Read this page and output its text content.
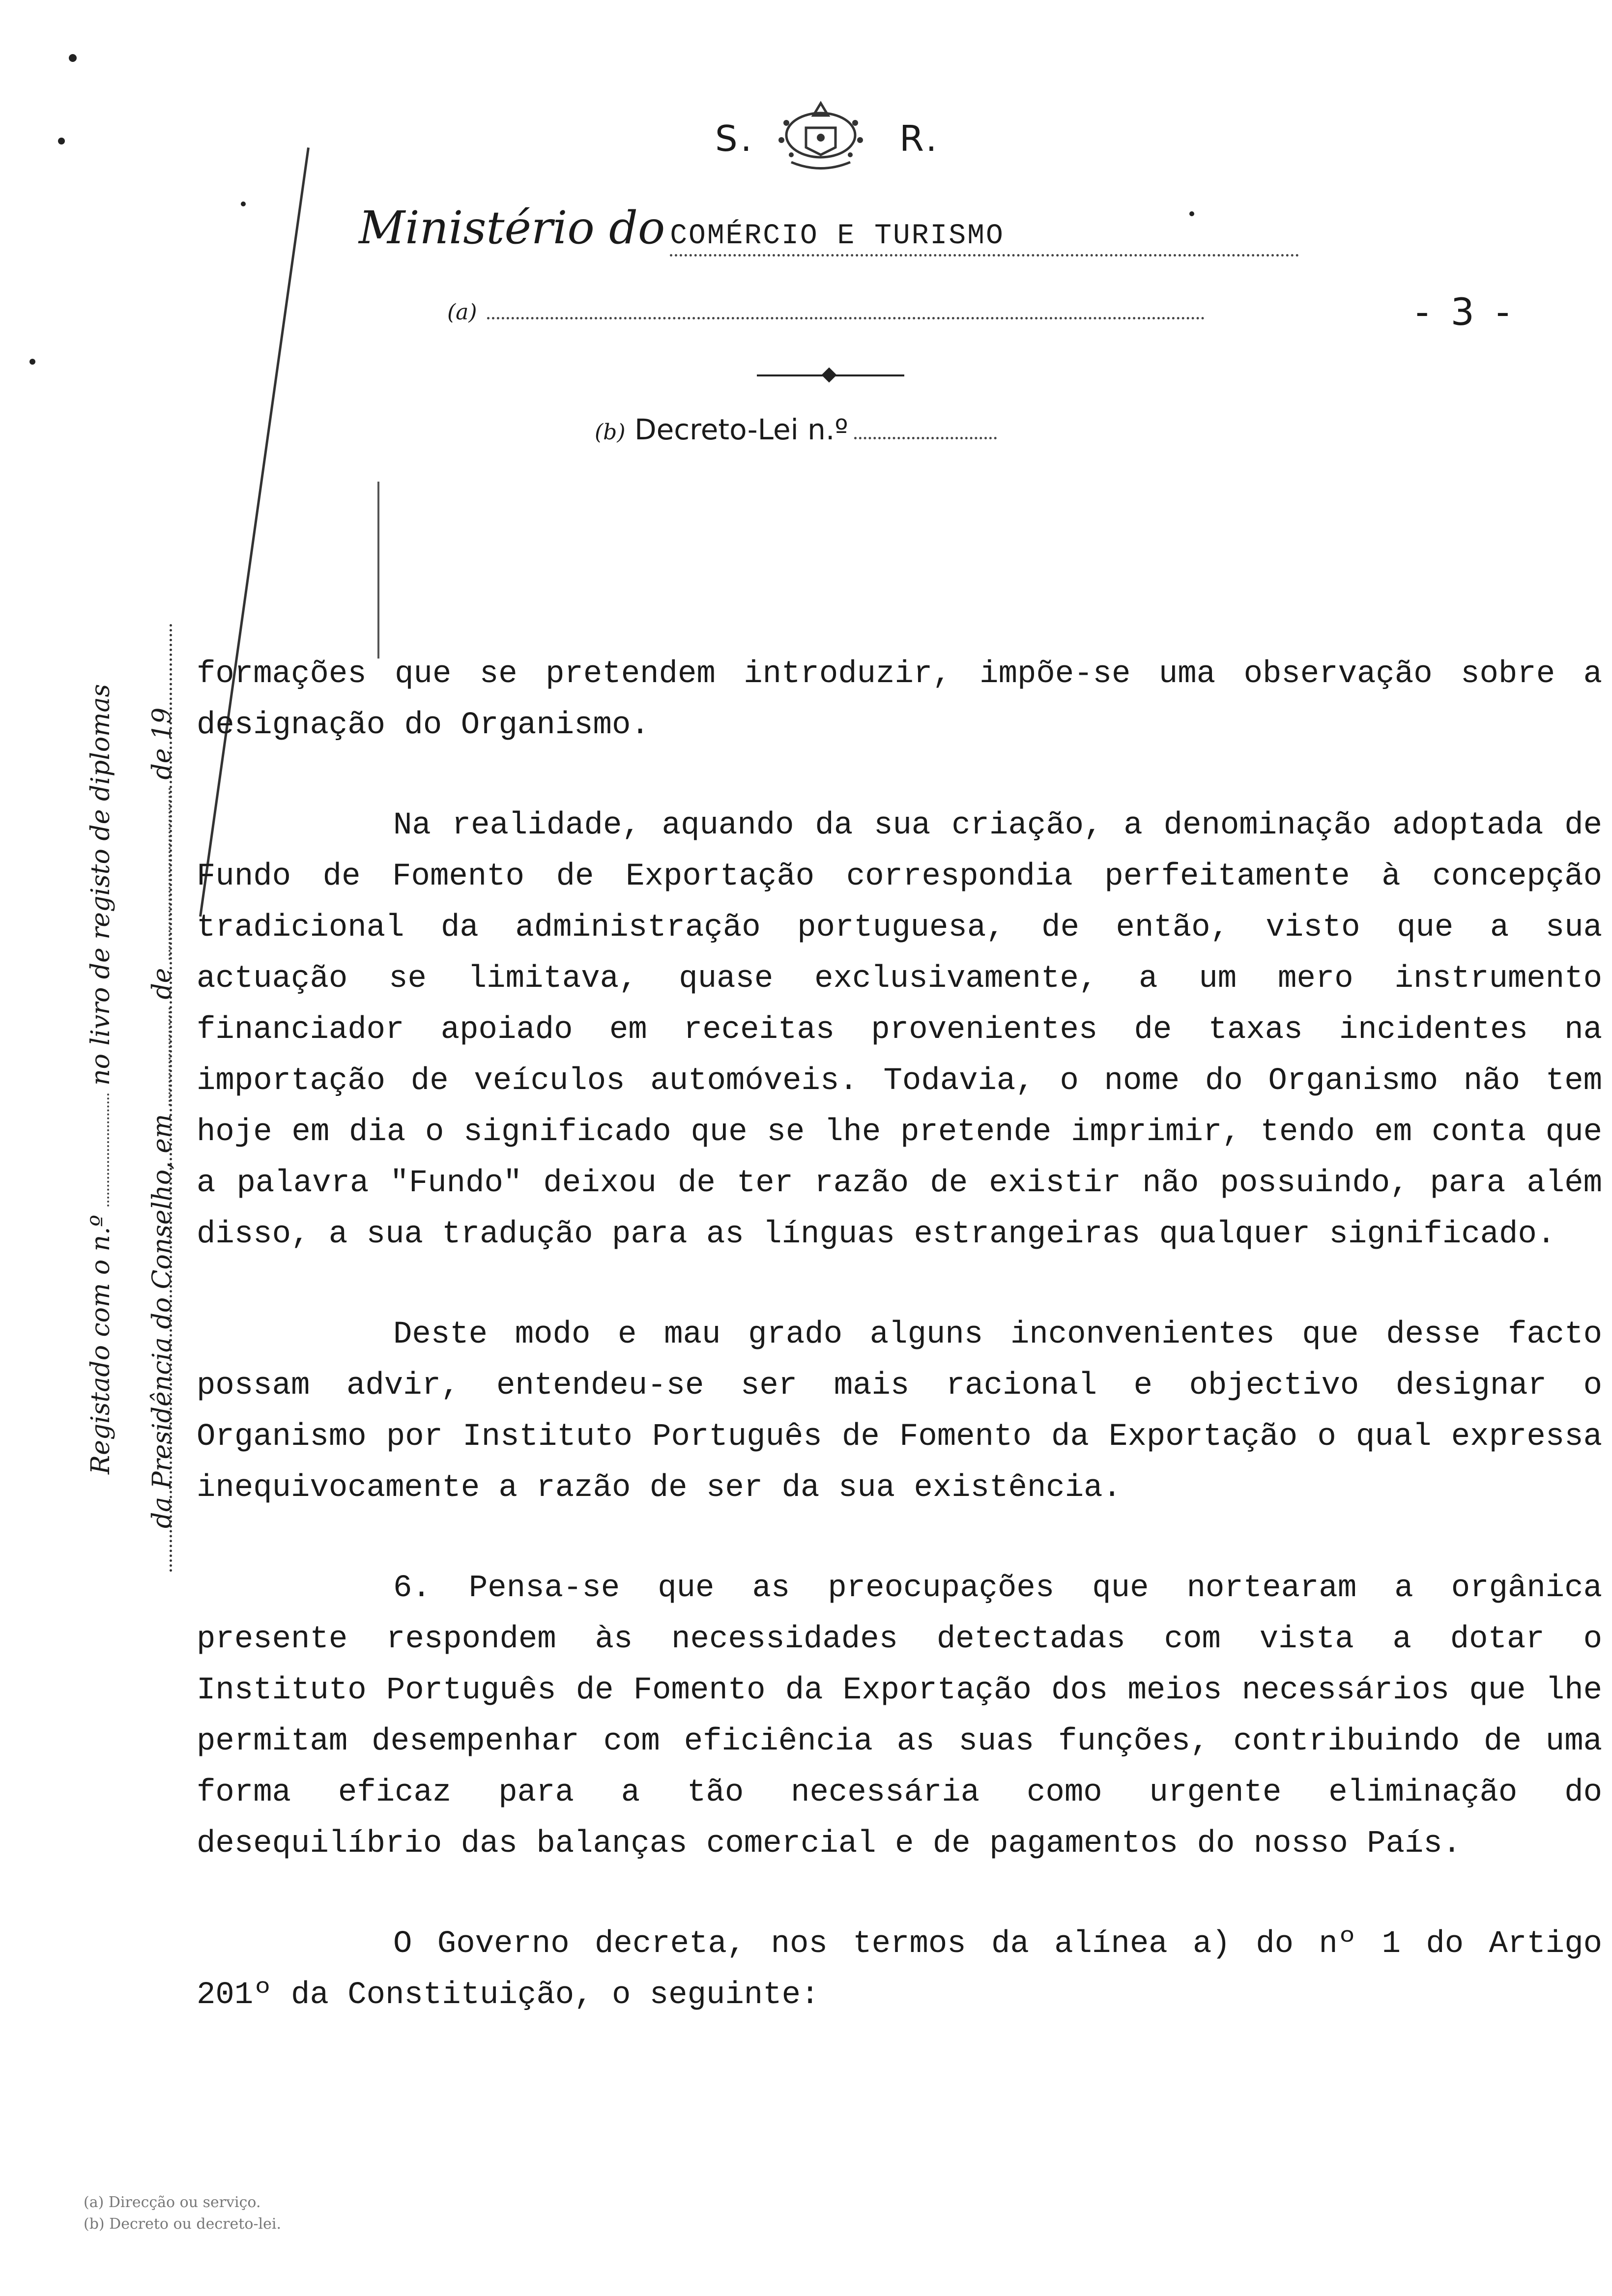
S.	R.
Ministério do COMÉRCIO E TURISMO
(a)	- 3 -
(b) Decreto-Lei n.º
Registado com o n.º  no livro de registo de diplomas
da Presidência do Conselho, em  de  de 19

formações que se pretendem introduzir, impõe-se uma observação sobre a designação do Organismo.

Na realidade, aquando da sua criação, a denominação adoptada de Fundo de Fomento de Exportação correspondia perfeitamente à concepção tradicional da administração portuguesa, de então, visto que a sua actuação se limitava, quase exclusivamente, a um mero instrumento financiador apoiado em receitas provenientes de taxas incidentes na importação de veículos automóveis. Todavia, o nome do Organismo não tem hoje em dia o significado que se lhe pretende imprimir, tendo em conta que a palavra "Fundo" deixou de ter razão de existir não possuindo, para além disso, a sua tradução para as línguas estrangeiras qualquer significado.

Deste modo e mau grado alguns inconvenientes que desse facto possam advir, entendeu-se ser mais racional e objectivo designar o Organismo por Instituto Português de Fomento da Exportação o qual expressa inequivocamente a razão de ser da sua existência.

6. Pensa-se que as preocupações que nortearam a orgânica presente respondem às necessidades detectadas com vista a dotar o Instituto Português de Fomento da Exportação dos meios necessários que lhe permitam desempenhar com eficiência as suas funções, contribuindo de uma forma eficaz para a tão necessária como urgente eliminação do desequilíbrio das balanças comercial e de pagamentos do nosso País.

O Governo decreta, nos termos da alínea a) do nº 1 do Artigo 201º da Constituição, o seguinte:

(a) Direcção ou serviço.
(b) Decreto ou decreto-lei.
